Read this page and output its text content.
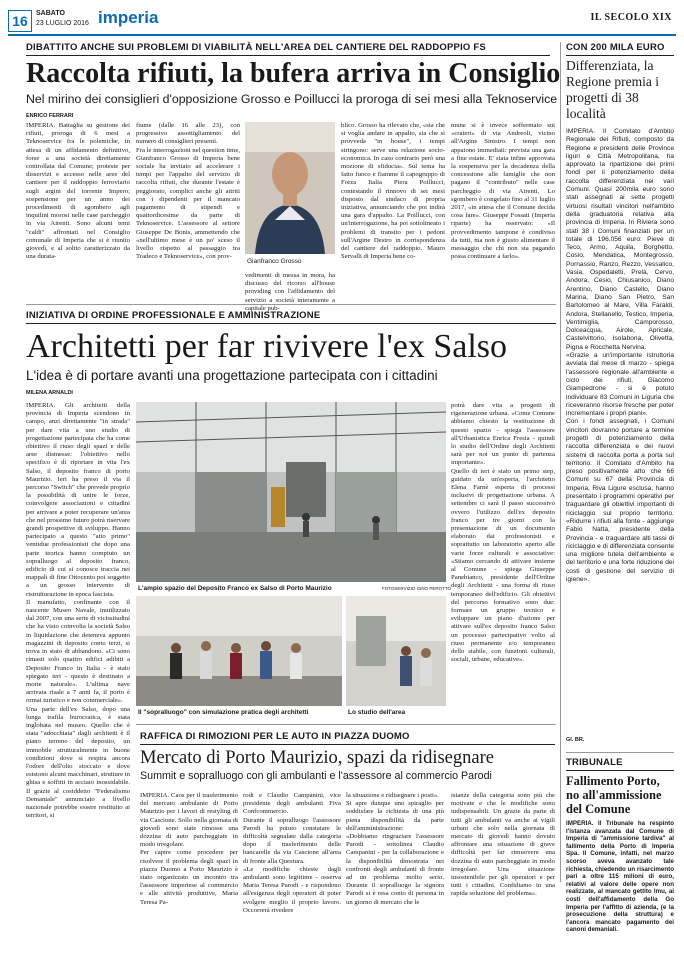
16	SABATO
23 LUGLIO 2016 imperia	IL SECOLO XIX
DIBATTITO ANCHE SUI PROBLEMI DI VIABILITÀ NELL'AREA DEL CANTIERE DEL RADDOPPIO FS
Raccolta rifiuti, la bufera arriva in Consiglio
Nel mirino dei consiglieri d'opposizione Grosso e Poillucci la proroga di sei mesi alla Teknoservice
ENRICO FERRARI
IMPERIA. Battaglia su gestione dei rifiuti, proroga di 6 mesi a Teknoservice fra le polemiche, in attesa di un affidamento definitivo, forse a una società direttamente controllata dal Comune; proteste per disservizi e accesso nelle aree del cantiere per il raddoppio ferroviario sugli argini del torrente Impero; sospensione per un anno dei procedimenti di sgombero agli inquilini morosi nelle case parcheggio in via Airenti. Sono alcuni temi "caldi" affrontati nel Consiglio comunale di Imperia che si è riunito giovedì, e al solito caratterizzato da una durata-
fiume (dalle 16 alle 23), con progressivo assottigliamento del numero di consiglieri presenti.
Fra le interrogazioni nel question time, Gianfranco Grosso di Imperia bene sociale ha invitato ad accelerare i tempi per l'appalto del servizio di raccolta rifiuti, che durante l'estate è peggiorato, complici anche gli attriti con i dipendenti per il mancato pagamento di stipendi e quattordicesime da parte di Teknoservice. L'assessore al settore Giuseppe De Bonis, ammettendo che «nell'ultimo mese è un po' sceso il livello rispetto al passaggio tra Tradeco e Teknoservice», con prov-
Gianfranco Grosso
vedimenti di messa in mora, ha discusso del ricorso all'house providing con l'affidamento del servizio a società interamente a capitale pub-
blico. Grosso ha rilevato che, «sia che si voglia andare in appalto, sia che si provveda "in house", i tempi stringono: serve una relazione socio-economica. In caso contrario però una mozione di sfiducia». Sul tema ha fatto fuoco e fiamme il capogruppo di Forza Italia Piera Poillucci, contestando il rinnovo di sei mesi disposto dal sindaco di propria iniziativa, annunciando che poi indirà una gara d'appalto. La Poillucci, con un'interrogazione, ha poi sottolineato i problemi di transito per i pedoni sull'Argine Destro in corrispondenza del cantiere del raddoppio. Mauro Servalli di Imperia bene co-
mune si è invece soffermato sui «crateri» di via Andreoli, vicino all'Argine Sinistro. I tempi non appaiono immediati: prevista una gara a fine estate. E' stata infine approvata la sospensiva per la decadenza della concessione alle famiglie che non pagano il "contributo" nelle case parcheggio di via Airenti. Lo sgombero è congelato fino al 31 luglio 2017, «in attesa che il Comune decida cosa fare». Giuseppe Fossati (Imperia riparte) ha osservato: «Il provvedimento tampone è condiviso da tutti, ma non è giusto alimentare il messaggio che chi non sta pagando possa continuare a farlo».
CON 200 MILA EURO
Differenziata, la Regione premia i progetti di 38 località
IMPERIA. Il Comitato d'Ambito Regionale dei Rifiuti, composto da Regione e presidenti delle Province liguri e Città Metropolitana, ha approvato la ripartizione dei primi fondi per il potenziamento della raccolta differenziata nei vari Comuni. Quasi 200mila euro sono stati assegnati ai sette progetti virtuosi risultati vincitori nell'ambito della graduatoria relativa alla provincia di Imperia. In Riviera sono stati 38 i Comuni finanziati per un totale di 196.056 euro: Pieve di Teco, Armo, Aquila, Borghetto, Cosio, Mendatica, Montegrosso, Pornassio, Ranzo, Rezzo, Vessalico, Vasia, Ospedaletti, Prelà, Cervo, Andora, Cesio, Chiusanico, Diano Arentino, Diano Castello, Diano Marina, Diano San Pietro, San Bartolomeo al Mare, Villa Faraldi, Andora, Stellanello, Testico, Imperia, Ventimiglia, Camporosso, Dolceacqua, Airole, Apricale, Castelvittorio, Isolabona, Olivetta, Pigna e Rocchetta Nervina.
«Grazie a un'importante istruttoria avviata dal mese di marzo - spiega l'assessore regionale all'ambiente e ciclo dei rifiuti, Giacomo Giampedrone - si è potuto individuare 83 Comuni in Liguria che riceveranno risorse fresche per poter incrementare i propri piani».
Con i fondi assegnati, i Comuni vincitori dovranno portare a termine progetti di potenziamento della raccolta differenziata e dei nuovi sistemi di raccolta porta a porta sul territorio. Il Comitato d'Ambito ha preso positivamente atto che 66 Comuni su 67 della Provincia di Imperia, Riva Ligure esclusa, hanno presentato i programmi operativi per traguardare gli obiettivi importanti di riciclaggio sul proprio territorio. «Ridurre i rifiuti alla fonte - aggiunge Fabio Natta, presidente della Provincia - e traguardare alti tassi di riciclaggio e di differenziata consente una migliore tutela dell'ambiente e del territorio e una forte riduzione dei costi di gestione del servizio di igiene».
GI. BR.
INIZIATIVA DI ORDINE PROFESSIONALE E AMMINISTRAZIONE
Architetti per far rivivere l'ex Salso
L'idea è di portare avanti una progettazione partecipata con i cittadini
MILENA ARNALDI
IMPERIA. Gli architetti della provincia di Imperia scendono in campo, anzi direttamente "in strada" per dare vita a uno studio di progettazione partecipata che ha come obiettivo il riuso degli spazi e delle aree dismesse: l'obiettivo nello specifico è di riportare in vita l'ex Salso, il deposito franco di porto Maurizio. Ieri ha preso il via il percorso "Switch" che prevede proprio la possibilità di unire le forze, coinvolgere associazioni e cittadini per arrivare a poter recuperare un'area che nel prossimo futuro potrà riservare grandi prospettive di sviluppo. Hanno partecipato a questo "atto primo" ventidue professionisti che dopo una parte teorica hanno compiuto un sopralluogo al deposito franco, edificio di cui si conosce traccia nei mappali di fine Ottocento poi soggetto a un grosso intervento di ristrutturazione in epoca fascista.
Il manufatto, confinante con il nascente Museo Navale, inutilizzato dal 2007, con una serie di vicissitudini che ha visto coinvolta la società Salso in liquidazione che detenevа appunto magazzini di deposito conto terzi, si trova in stato di abbandono. «Ci sono rimasti solo quattro edifici adibiti a Deposito Franco in Italia - è stato spiegato ieri - questo è destinato a morte naturale». L'ultima nave arrivata risale a 7 anni fa, il porto è ormai turistico e non commerciale».
Una parte dell'ex Salso, dopo una lunga trafila burocratica, è stata inglobata nel museo. Quello che è stata "adocchiata" dagli architetti è il piano terreno del deposito, un immobile strutturalmente in buone condizioni dove si respira ancora l'odore dell'olio stoccato e dove esistono alcuni macchinari, strutture in ghisa e soffitti in acciaio inossidabile. Il grazie al cosiddetto "Federalismo Demaniale" annunciato a livello nazionale potrebbe essere restituito ai territori, si
L'ampio spazio del Deposito Franco ex Salso di Porto Maurizio	FOTOSERVIZIO GINO PEROTTO
Il "sopralluogo" con simulazione pratica degli architetti	Lo studio dell'area
potrà dare vita a progetti di rigenerazione urbana. «Come Comune abbiamo chiesto la restituzione di questo spazio - spiega l'assessore all'Urbanistica Enrica Fresia - quindi lo studio dell'Ordine degli Architetti sarà per noi un punto di partenza importante».
Quello di ieri è stato un primo step, guidato da un'esperta, l'architetto Elena Farnè esperta di processi inclusivi di progettazione urbana. A settembre ci sarà il passo successivo ovvero l'utilizzo dell'ex deposito franco per tre giorni con la presentazione di un documento elaborato dai professionisti e soprattutto un laboratorio aperto alle varie forze culturali e associative: «Stiamo cercando di attivare insieme al Comune - spiega Giuseppe Panebianco, presidente dell'Ordine degli Architetti - una forma di riuso temporaneo dell'edificio. Gli obiettivi del percorso formativo sono due: formare un gruppo tecnico e sviluppare un piano d'azione per attivare sull'ex deposito franco Salso un processo partecipativo volto al riuso permanente e/o temporaneo dello stabile, con funzioni culturali, sociali, urbane, educative».
RAFFICA DI RIMOZIONI PER LE AUTO IN PIAZZA DUOMO
Mercato di Porto Maurizio, spazi da ridisegnare
Summit e sopralluogo con gli ambulanti e l'assessore al commercio Parodi
IMPERIA. Caos per il trasferimento del mercato ambulante di Porto Maurizio per i lavori di restyling di via Cascione. Sollo nella giornata di giovedì sono state rimosse una dozzina di auto parcheggiate in modo irregolare.
Per capire come procedere per risolvere il problema degli spazi in piazza Duomo a Porto Maurizio è stato organizzato un incontro tra l'assessore imperiese al commercio e alle attività produttive, Maria Teresa Pa-
rodi e Claudio Campanini, vice presidente degli ambulanti Fiva Confcommercio.
Durante il sopralluogo l'assessore Parodi ha potuto constatare le difficoltà segnalate dalla categoria dopo il trasferimento delle bancarelle da via Cascione all'area di fronte alla Questura.
«Le modifiche chieste dagli ambulanti sono legittime - osserva Maria Teresa Parodi - e rispondono all'esigenza degli operatori di poter svolgere meglio il proprio lavoro. Occorrerà rivedere
la situazione e ridisegnare i posti».
Si apre dunque uno spiraglio per soddisfare la richiesta di una più piena disponibilità da parte dell'amministrazione:
«Dobbiamo ringraziare l'assessore Parodi - sottolinea Claudio Campanini - per la collaborazione e la disponibilità dimostrata nei confronti degli ambulanti di fronte ad un problema molto serio. Durante il sopralluogo la signora Parodi si è resa conto di persona in un giorno di mercato che le
istanze della categoria sono più che motivate e che le modifiche sono indispensabili. Un grazie da parte di tutti gli ambulanti va anche ai vigili urbani che solo nella giornata di mercato di giovedì hanno dovuto affrontare una situazione di grave difficoltà per far rimuovere una dozzina di auto parcheggiate in modo irregolare. Una situazione insostenibile per gli operatori e per tutti i cittadini. Confidiamo in una rapida soluzione del problema».
TRIBUNALE
Fallimento Porto, no all'ammissione del Comune
IMPERIA. Il Tribunale ha respinto l'istanza avanzata dal Comune di Imperia di "ammissione tardiva" al fallimento della Porto di Imperia Spa. Il Comune, infatti, nel marzo scorso aveva avanzato tale richiesta, chiedendo un risarcimento pari a oltre 115 milioni di euro, relativi al valore delle opere non realizzate, al mancato gettito Imu, ai costi dell'affidamento della Go Imperia per l'affitto di azienda, (e la prosecuzione della struttura) e l'ancora mancato pagamento dei canoni demaniali.
